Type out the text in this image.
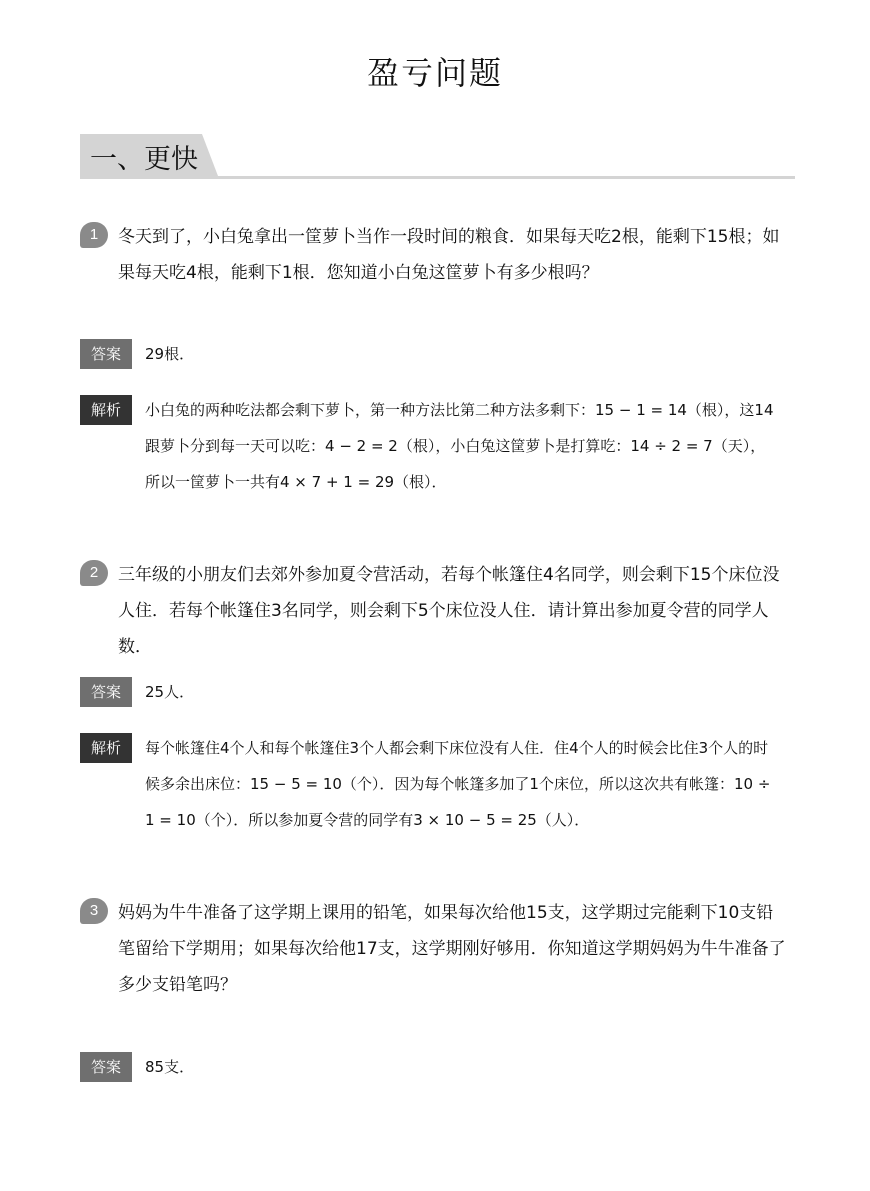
盈亏问题
一、更快
1	冬天到了，小白兔拿出一筐萝卜当作一段时间的粮食．如果每天吃2根，能剩下15根；如果每天吃4根，能剩下1根．您知道小白兔这筐萝卜有多少根吗？
答案	29根．
解析	小白兔的两种吃法都会剩下萝卜，第一种方法比第二种方法多剩下：15 − 1 = 14（根），这14跟萝卜分到每一天可以吃：4 − 2 = 2（根），小白兔这筐萝卜是打算吃：14 ÷ 2 = 7（天），所以一筐萝卜一共有4 × 7 + 1 = 29（根）．
2	三年级的小朋友们去郊外参加夏令营活动，若每个帐篷住4名同学，则会剩下15个床位没人住．若每个帐篷住3名同学，则会剩下5个床位没人住．请计算出参加夏令营的同学人数．
答案	25人．
解析	每个帐篷住4个人和每个帐篷住3个人都会剩下床位没有人住．住4个人的时候会比住3个人的时候多余出床位：15 − 5 = 10（个）．因为每个帐篷多加了1个床位，所以这次共有帐篷：10 ÷ 1 = 10（个）．所以参加夏令营的同学有3 × 10 − 5 = 25（人）．
3	妈妈为牛牛准备了这学期上课用的铅笔，如果每次给他15支，这学期过完能剩下10支铅笔留给下学期用；如果每次给他17支，这学期刚好够用．你知道这学期妈妈为牛牛准备了多少支铅笔吗？
答案	85支．
